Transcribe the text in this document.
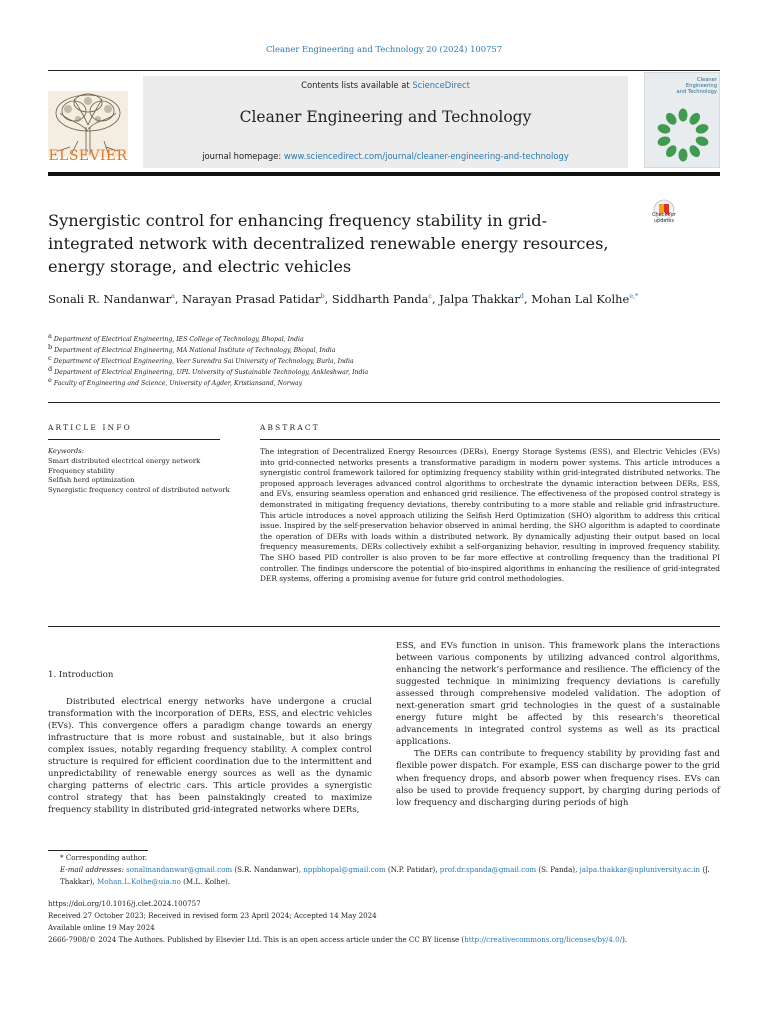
Cleaner Engineering and Technology 20 (2024) 100757
ELSEVIER
Contents lists available at ScienceDirect
Cleaner Engineering and Technology
journal homepage: www.sciencedirect.com/journal/cleaner-engineering-and-technology
Cleaner
Engineering
and Technology
Check for
updates
Synergistic control for enhancing frequency stability in grid-integrated network with decentralized renewable energy resources, energy storage, and electric vehicles
Sonali R. Nandanwar$^a$, Narayan Prasad Patidar$^b$, Siddharth Panda$^c$, Jalpa Thakkar$^d$, Mohan Lal Kolhe$^{e,*}$
$^a$ Department of Electrical Engineering, IES College of Technology, Bhopal, India
$^b$ Department of Electrical Engineering, MA National Institute of Technology, Bhopal, India
$^c$ Department of Electrical Engineering, Veer Surendra Sai University of Technology, Burla, India
$^d$ Department of Electrical Engineering, UPL University of Sustainable Technology, Ankleshwar, India
$^e$ Faculty of Engineering and Science, University of Agder, Kristiansand, Norway
ARTICLE INFO	ABSTRACT
Keywords:
Smart distributed electrical energy network
Frequency stability
Selfish herd optimization
Synergistic frequency control of distributed network
The integration of Decentralized Energy Resources (DERs), Energy Storage Systems (ESS), and Electric Vehicles (EVs) into grid-connected networks presents a transformative paradigm in modern power systems. This article introduces a synergistic control framework tailored for optimizing frequency stability within grid-integrated distributed networks. The proposed approach leverages advanced control algorithms to orchestrate the dynamic interaction between DERs, ESS, and EVs, ensuring seamless operation and enhanced grid resilience. The effectiveness of the proposed control strategy is demonstrated in mitigating frequency deviations, thereby contributing to a more stable and reliable grid infrastructure. This article introduces a novel approach utilizing the Selfish Herd Optimization (SHO) algorithm to address this critical issue. Inspired by the self-preservation behavior observed in animal herding, the SHO algorithm is adapted to coordinate the operation of DERs with loads within a distributed network. By dynamically adjusting their output based on local frequency measurements, DERs collectively exhibit a self-organizing behavior, resulting in improved frequency stability. The SHO based PID controller is also proven to be far more effective at controlling frequency than the traditional PI controller. The findings underscore the potential of bio-inspired algorithms in enhancing the resilience of grid-integrated DER systems, offering a promising avenue for future grid control methodologies.
1. Introduction
Distributed electrical energy networks have undergone a crucial transformation with the incorporation of DERs, ESS, and electric vehicles (EVs). This convergence offers a paradigm change towards an energy infrastructure that is more robust and sustainable, but it also brings complex issues, notably regarding frequency stability. A complex control structure is required for efficient coordination due to the intermittent and unpredictability of renewable energy sources as well as the dynamic charging patterns of electric cars. This article provides a synergistic control strategy that has been painstakingly created to maximize frequency stability in distributed grid-integrated networks where DERs,

ESS, and EVs function in unison. This framework plans the interactions between various components by utilizing advanced control algorithms, enhancing the network’s performance and resilience. The efficiency of the suggested technique in minimizing frequency deviations is carefully assessed through comprehensive modeled validation. The adoption of next-generation smart grid technologies in the quest of a sustainable energy future might be affected by this research’s theoretical advancements in integrated control systems as well as its practical applications.

The DERs can contribute to frequency stability by providing fast and flexible power dispatch. For example, ESS can discharge power to the grid when frequency drops, and absorb power when frequency rises. EVs can also be used to provide frequency support, by charging during periods of low frequency and discharging during periods of high

* Corresponding author.
E-mail addresses: sonalinandanwar@gmail.com (S.R. Nandanwar), nppbhopal@gmail.com (N.P. Patidar), prof.dr.spanda@gmail.com (S. Panda), jalpa.thakkar@upluniversity.ac.in (J. Thakkar), Mohan.L.Kolhe@uia.no (M.L. Kolhe).
https://doi.org/10.1016/j.clet.2024.100757
Received 27 October 2023; Received in revised form 23 April 2024; Accepted 14 May 2024
Available online 19 May 2024
2666-7908/© 2024 The Authors. Published by Elsevier Ltd. This is an open access article under the CC BY license (http://creativecommons.org/licenses/by/4.0/).
